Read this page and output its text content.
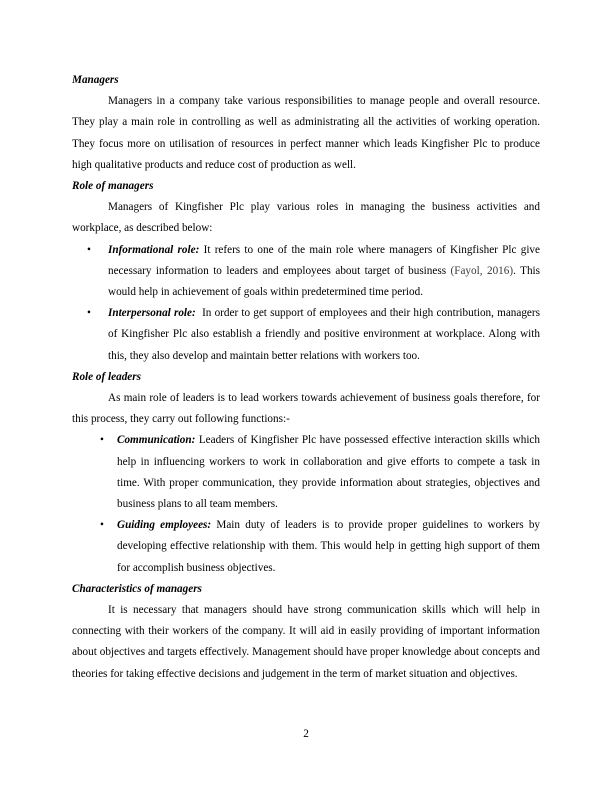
Managers

Managers in a company take various responsibilities to manage people and overall resource. They play a main role in controlling as well as administrating all the activities of working operation. They focus more on utilisation of resources in perfect manner which leads Kingfisher Plc to produce high qualitative products and reduce cost of production as well.

Role of managers

Managers of Kingfisher Plc play various roles in managing the business activities and workplace, as described below:

• Informational role: It refers to one of the main role where managers of Kingfisher Plc give necessary information to leaders and employees about target of business (Fayol, 2016). This would help in achievement of goals within predetermined time period.
• Interpersonal role:  In order to get support of employees and their high contribution, managers of Kingfisher Plc also establish a friendly and positive environment at workplace. Along with this, they also develop and maintain better relations with workers too.

Role of leaders

As main role of leaders is to lead workers towards achievement of business goals therefore, for this process, they carry out following functions:-

• Communication: Leaders of Kingfisher Plc have possessed effective interaction skills which help in influencing workers to work in collaboration and give efforts to compete a task in time. With proper communication, they provide information about strategies, objectives and business plans to all team members.
• Guiding employees: Main duty of leaders is to provide proper guidelines to workers by developing effective relationship with them. This would help in getting high support of them for accomplish business objectives.

Characteristics of managers

It is necessary that managers should have strong communication skills which will help in connecting with their workers of the company. It will aid in easily providing of important information about objectives and targets effectively. Management should have proper knowledge about concepts and theories for taking effective decisions and judgement in the term of market situation and objectives.

2
